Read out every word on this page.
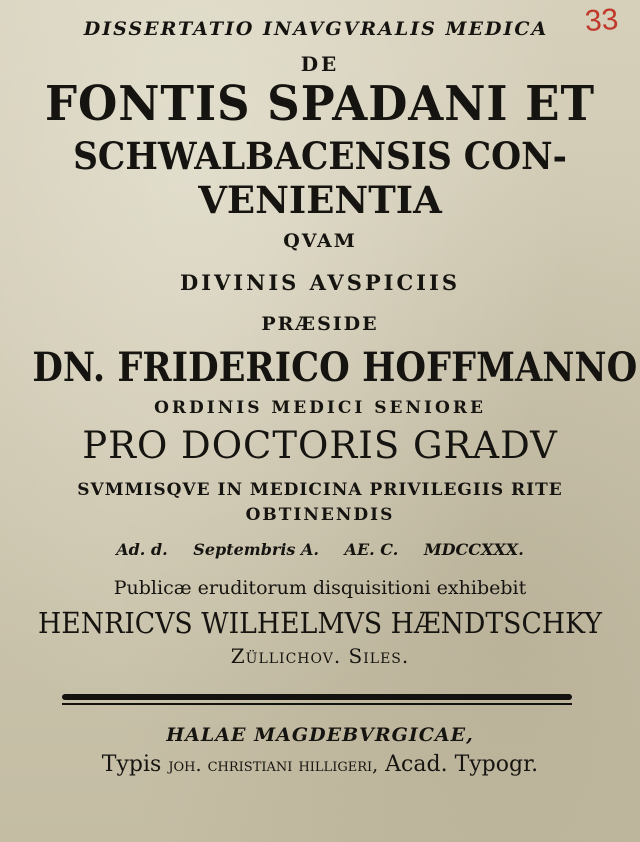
33
DISSERTATIO INAVGVRALIS MEDICA
DE
FONTIS SPADANI ET
SCHWALBACENSIS CON-
VENIENTIA
QVAM
DIVINIS AVSPICIIS
PRÆSIDE
DN. FRIDERICO HOFFMANNO
ORDINIS MEDICI SENIORE
PRO DOCTORIS GRADV
SVMMISQVE IN MEDICINA PRIVILEGIIS RITE
OBTINENDIS
Ad. d. Septembris A. AE. C. MDCCXXX.
Publicæ eruditorum disquisitioni exhibebit
HENRICVS WILHELMVS HÆNDTSCHKY
Züllichov. Siles.
HALAE MAGDEBVRGICAE,
Typis joh. christiani hilligeri, Acad. Typogr.
